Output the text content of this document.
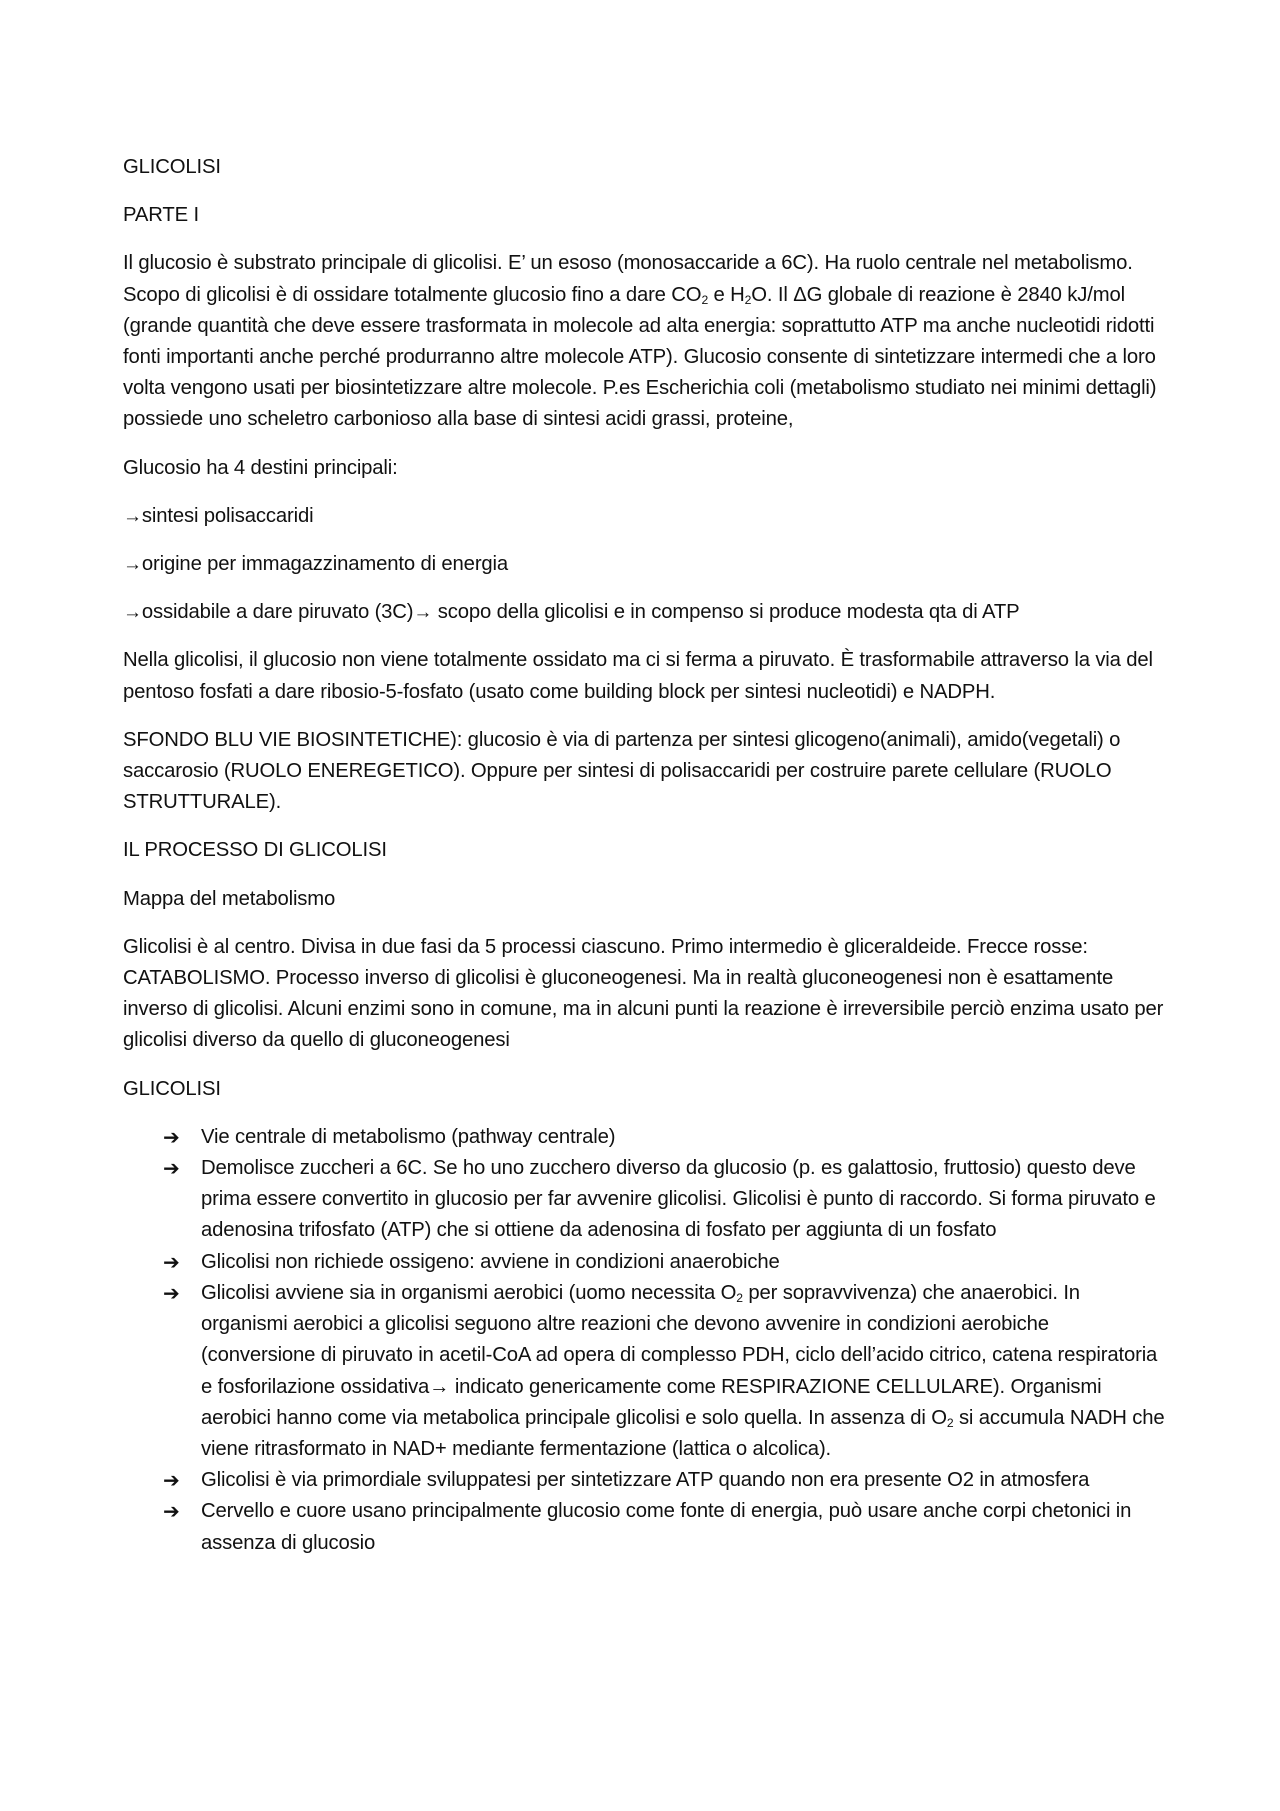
GLICOLISI

PARTE I

Il glucosio è substrato principale di glicolisi. E’ un esoso (monosaccaride a 6C). Ha ruolo centrale nel metabolismo. Scopo di glicolisi è di ossidare totalmente glucosio fino a dare $CO_2$ e $H_2O$. Il ΔG globale di reazione è 2840 kJ/mol (grande quantità che deve essere trasformata in molecole ad alta energia: soprattutto ATP ma anche nucleotidi ridotti fonti importanti anche perché produrranno altre molecole ATP). Glucosio consente di sintetizzare intermedi che a loro volta vengono usati per biosintetizzare altre molecole. P.es Escherichia coli (metabolismo studiato nei minimi dettagli) possiede uno scheletro carbonioso alla base di sintesi acidi grassi, proteine,

Glucosio ha 4 destini principali:

→sintesi polisaccaridi

→origine per immagazzinamento di energia

→ossidabile a dare piruvato (3C)→ scopo della glicolisi e in compenso si produce modesta qta di ATP

Nella glicolisi, il glucosio non viene totalmente ossidato ma ci si ferma a piruvato. È trasformabile attraverso la via del pentoso fosfati a dare ribosio-5-fosfato (usato come building block per sintesi nucleotidi) e NADPH.

SFONDO BLU VIE BIOSINTETICHE): glucosio è via di partenza per sintesi glicogeno(animali), amido(vegetali) o saccarosio (RUOLO ENEREGETICO). Oppure per sintesi di polisaccaridi per costruire parete cellulare (RUOLO STRUTTURALE).

IL PROCESSO DI GLICOLISI

Mappa del metabolismo

Glicolisi è al centro. Divisa in due fasi da 5 processi ciascuno. Primo intermedio è gliceraldeide. Frecce rosse: CATABOLISMO. Processo inverso di glicolisi è gluconeogenesi. Ma in realtà gluconeogenesi non è esattamente inverso di glicolisi. Alcuni enzimi sono in comune, ma in alcuni punti la reazione è irreversibile perciò enzima usato per glicolisi diverso da quello di gluconeogenesi

GLICOLISI

➔ Vie centrale di metabolismo (pathway centrale)
➔ Demolisce zuccheri a 6C. Se ho uno zucchero diverso da glucosio (p. es galattosio, fruttosio) questo deve prima essere convertito in glucosio per far avvenire glicolisi. Glicolisi è punto di raccordo. Si forma piruvato e adenosina trifosfato (ATP) che si ottiene da adenosina di fosfato per aggiunta di un fosfato
➔ Glicolisi non richiede ossigeno: avviene in condizioni anaerobiche
➔ Glicolisi avviene sia in organismi aerobici (uomo necessita $O_2$ per sopravvivenza) che anaerobici. In organismi aerobici a glicolisi seguono altre reazioni che devono avvenire in condizioni aerobiche (conversione di piruvato in acetil-CoA ad opera di complesso PDH, ciclo dell’acido citrico, catena respiratoria e fosforilazione ossidativa→ indicato genericamente come RESPIRAZIONE CELLULARE). Organismi aerobici hanno come via metabolica principale glicolisi e solo quella. In assenza di $O_2$ si accumula NADH che viene ritrasformato in NAD+ mediante fermentazione (lattica o alcolica).
➔ Glicolisi è via primordiale sviluppatesi per sintetizzare ATP quando non era presente O2 in atmosfera
➔ Cervello e cuore usano principalmente glucosio come fonte di energia, può usare anche corpi chetonici in assenza di glucosio
